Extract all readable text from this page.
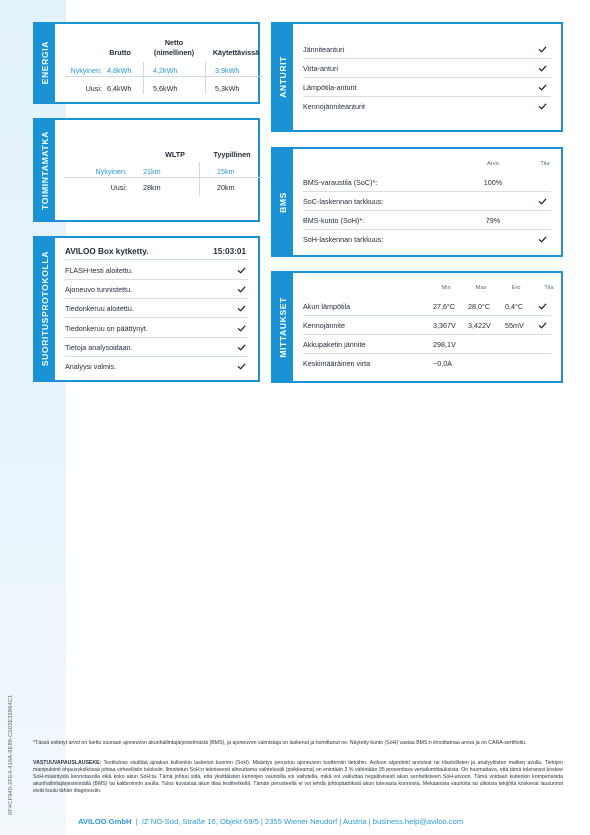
0F4CF940-2FE4-416A-8E88-C003E35864C1
ENERGIA	Netto
Brutto	(nimellinen)	Käytettävissä
Nykyinen: 4,8kWh	4,2kWh	3,9kWh
Uusi: 6,4kWh	5,6kWh	5,3kWh
TOIMINTAMATKA	WLTP	Tyypillinen
Nykyinen: 21km	15km
Uusi: 28km	20km
SUORITUSPROTOKOLLA AVILOO Box kytketty.	15:03:01
FLASH-testi aloitettu.
Ajoneuvo tunnistettu.
Tiedonkeruu aloitettu.
Tiedonkeruu on päättynyt.
Tietoja analysoidaan.
Analyysi valmis.
ANTURIT
Jänniteanturi
Virta-anturi
Lämpötila-anturit
Kennojänniteanturit
BMS
Arvo	Tila
BMS-varaustila (SoC)*:	100%
SoC-laskennan tarkkuus:
BMS-kunto (SoH)*:	79%
SoH-laskennan tarkkuus:
MITTAUKSET
Min	Max	Ero	Tila
Akun lämpötila	27,6°C 28,0°C 0,4°C
Kennojännite	3,367V 3,422V 55mV
Akkupaketin jännite	298,1V
Keskimääräinen virta	−0,0A
*Tässä esitetyt arvot on luettu suoraan ajoneuvon akunhallintajärjestelmästä (BMS), ja ajoneuvon valmistaja on laskenut ja toimittanut ne. Näytetty kunto (SoH) vastaa BMS:n ilmoittamaa arvoa ja on CARA-sertifioitu.
VASTUUVAPAUSLAUSEKE: Testituloss sisältää ajoakun kulloinkin lasketun kunnon (SoH). Määritys perustuu ajoneuvon tuottemiin tietoihin. Aviloon algoritmit arvioivat ne tilastollisten ja analyyttisten mallien avulla. Tietojen manipulointi ohjausyksikössä johtaa virheellisiin tuloksiin. Ilmoitetun SoH:n tekniseesti aiheuttama vaihteluväli (poikkeama) on enintään 3 % vähintään 95 prosentissa vertailumittauksista. On huomattava, että tämä toleranssi koskee SoH-määritystä kennotasolla eikä koko akun SoH:ta. Tämä johtuu siitä, että yksittäisten kennojen vaurioilla voi vaihdella, mikä voi vaikuttaa negatiivisesti akun senhetkiseen SoH-arvoon. Tämä voidaan kuitenkin kompensoida akunhallintajärjestelmällä (BMS) tai kalibroinnin avulla. Tulos kuvastaa akun tilaa testihetkellä. Tämän perusteella ei voi tehdä johtopäätöksiä akun tulevasta kunnosta. Mekaanisia vaurioita tai ulkoisia tekijöitä koskevat lausunnot eivät kuulu tähän diagnoosiin.
AVILOO GmbH  |  IZ NÖ-Süd, Straße 16, Objekt 69/5 | 2355 Wiener Neudorf | Austria | business.help@aviloo.com
